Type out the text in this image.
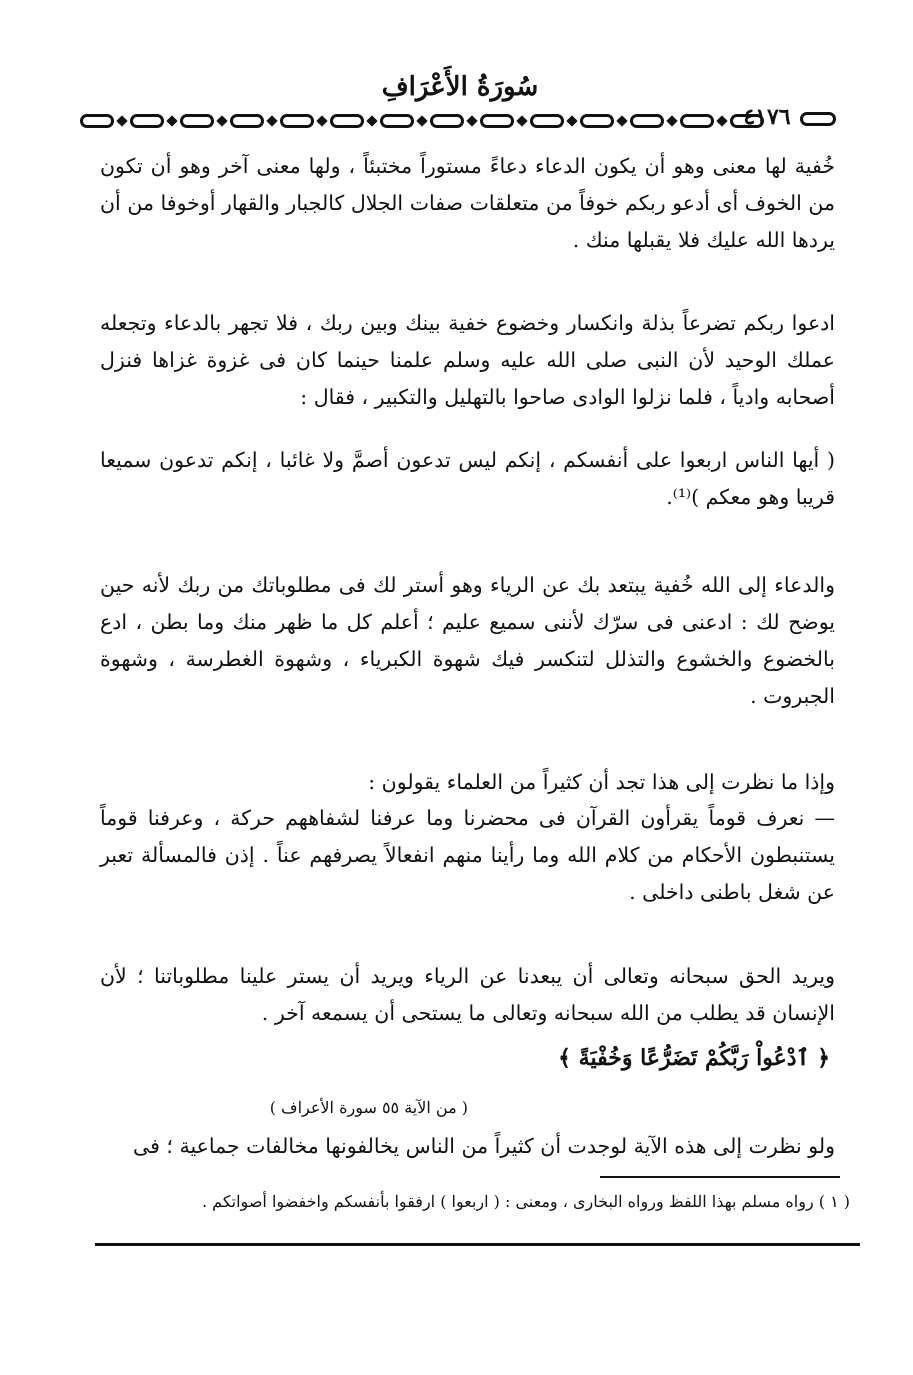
سُورَةُ الأَعْرَافِ
٤١٧٦

خُفية لها معنى وهو أن يكون الدعاء دعاءً مستوراً مختبئاً ، ولها معنى آخر وهو أن تكون من الخوف أى أدعو ربكم خوفاً من متعلقات صفات الجلال كالجبار والقهار أوخوفا من أن يردها الله عليك فلا يقبلها منك .

ادعوا ربكم تضرعاً بذلة وانكسار وخضوع خفية بينك وبين ربك ، فلا تجهر بالدعاء وتجعله عملك الوحيد لأن النبى صلى الله عليه وسلم علمنا حينما كان فى غزوة غزاها فنزل أصحابه وادياً ، فلما نزلوا الوادى صاحوا بالتهليل والتكبير ، فقال :

( أيها الناس اربعوا على أنفسكم ، إنكم ليس تدعون أصمَّ ولا غائبا ، إنكم تدعون سميعا قريبا وهو معكم )⁽¹⁾.

والدعاء إلى الله خُفية يبتعد بك عن الرياء وهو أستر لك فى مطلوباتك من ربك لأنه حين يوضح لك : ادعنى فى سرّك لأننى سميع عليم ؛ أعلم كل ما ظهر منك وما بطن ، ادع بالخضوع والخشوع والتذلل لتنكسر فيك شهوة الكبرياء ، وشهوة الغطرسة ، وشهوة الجبروت .

وإذا ما نظرت إلى هذا تجد أن كثيراً من العلماء يقولون :

— نعرف قوماً يقرأون القرآن فى محضرنا وما عرفنا لشفاههم حركة ، وعرفنا قوماً يستنبطون الأحكام من كلام الله وما رأينا منهم انفعالاً يصرفهم عناً . إذن فالمسألة تعبر عن شغل باطنى داخلى .

ويريد الحق سبحانه وتعالى أن يبعدنا عن الرياء ويريد أن يستر علينا مطلوباتنا ؛ لأن الإنسان قد يطلب من الله سبحانه وتعالى ما يستحى أن يسمعه آخر .

﴿ ٱدْعُواْ رَبَّكُمْ تَضَرُّعًا وَخُفْيَةً ﴾
( من الآية ٥٥ سورة الأعراف )

ولو نظرت إلى هذه الآية لوجدت أن كثيراً من الناس يخالفونها مخالفات جماعية ؛ فى

( ١ ) رواه مسلم بهذا اللفظ ورواه البخارى ، ومعنى : ( اربعوا ) ارفقوا بأنفسكم واخفضوا أصواتكم .
